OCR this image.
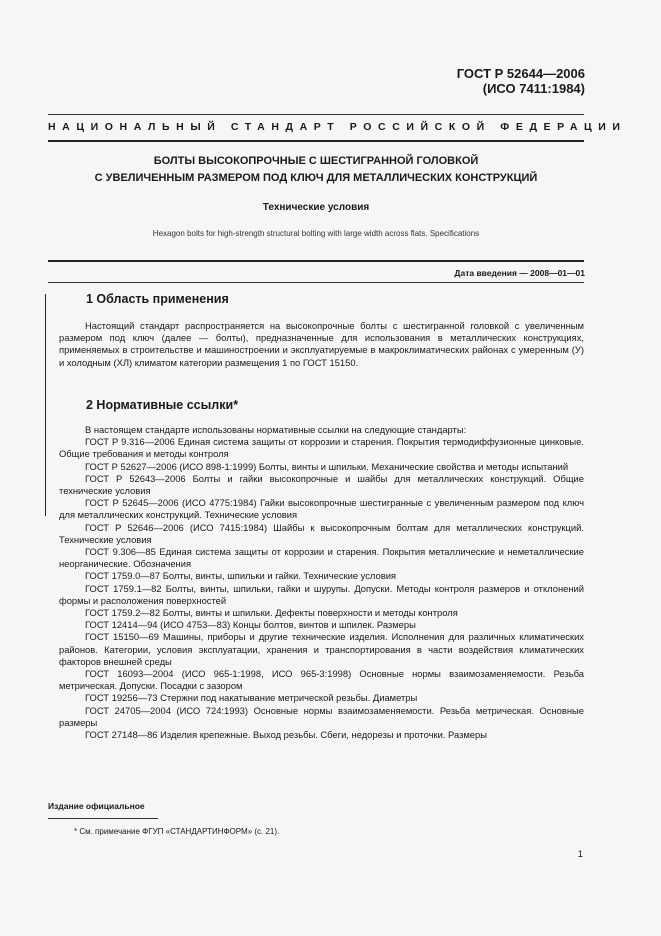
ГОСТ Р 52644—2006
(ИСО 7411:1984)
НАЦИОНАЛЬНЫЙ СТАНДАРТ РОССИЙСКОЙ ФЕДЕРАЦИИ
БОЛТЫ ВЫСОКОПРОЧНЫЕ С ШЕСТИГРАННОЙ ГОЛОВКОЙ
С УВЕЛИЧЕННЫМ РАЗМЕРОМ ПОД КЛЮЧ ДЛЯ МЕТАЛЛИЧЕСКИХ КОНСТРУКЦИЙ
Технические условия
Hexagon bolts for high-strength structural bolting with large width across flats. Specifications
Дата введения — 2008—01—01
1 Область применения

Настоящий стандарт распространяется на высокопрочные болты с шестигранной головкой с увеличенным размером под ключ (далее — болты), предназначенные для использования в металлических конструкциях, применяемых в строительстве и машиностроении и эксплуатируемые в макроклиматических районах с умеренным (У) и холодным (ХЛ) климатом категории размещения 1 по ГОСТ 15150.

2 Нормативные ссылки*

В настоящем стандарте использованы нормативные ссылки на следующие стандарты:

ГОСТ Р 9.316—2006 Единая система защиты от коррозии и старения. Покрытия термодиффузионные цинковые. Общие требования и методы контроля

ГОСТ Р 52627—2006 (ИСО 898-1:1999) Болты, винты и шпильки. Механические свойства и методы испытаний

ГОСТ Р 52643—2006 Болты и гайки высокопрочные и шайбы для металлических конструкций. Общие технические условия

ГОСТ Р 52645—2006 (ИСО 4775:1984) Гайки высокопрочные шестигранные с увеличенным размером под ключ для металлических конструкций. Технические условия

ГОСТ Р 52646—2006 (ИСО 7415:1984) Шайбы к высокопрочным болтам для металлических конструкций. Технические условия

ГОСТ 9.306—85 Единая система защиты от коррозии и старения. Покрытия металлические и неметаллические неорганические. Обозначения

ГОСТ 1759.0—87 Болты, винты, шпильки и гайки. Технические условия

ГОСТ 1759.1—82 Болты, винты, шпильки, гайки и шурупы. Допуски. Методы контроля размеров и отклонений формы и расположения поверхностей

ГОСТ 1759.2—82 Болты, винты и шпильки. Дефекты поверхности и методы контроля

ГОСТ 12414—94 (ИСО 4753—83) Концы болтов, винтов и шпилек. Размеры

ГОСТ 15150—69 Машины, приборы и другие технические изделия. Исполнения для различных климатических районов. Категории, условия эксплуатации, хранения и транспортирования в части воздействия климатических факторов внешней среды

ГОСТ 16093—2004 (ИСО 965-1:1998, ИСО 965-3:1998) Основные нормы взаимозаменяемости. Резьба метрическая. Допуски. Посадки с зазором

ГОСТ 19256—73 Стержни под накатывание метрической резьбы. Диаметры

ГОСТ 24705—2004 (ИСО 724:1993) Основные нормы взаимозаменяемости. Резьба метрическая. Основные размеры

ГОСТ 27148—86 Изделия крепежные. Выход резьбы. Сбеги, недорезы и проточки. Размеры

Издание официальное
* См. примечание ФГУП «СТАНДАРТИНФОРМ» (с. 21).
1
